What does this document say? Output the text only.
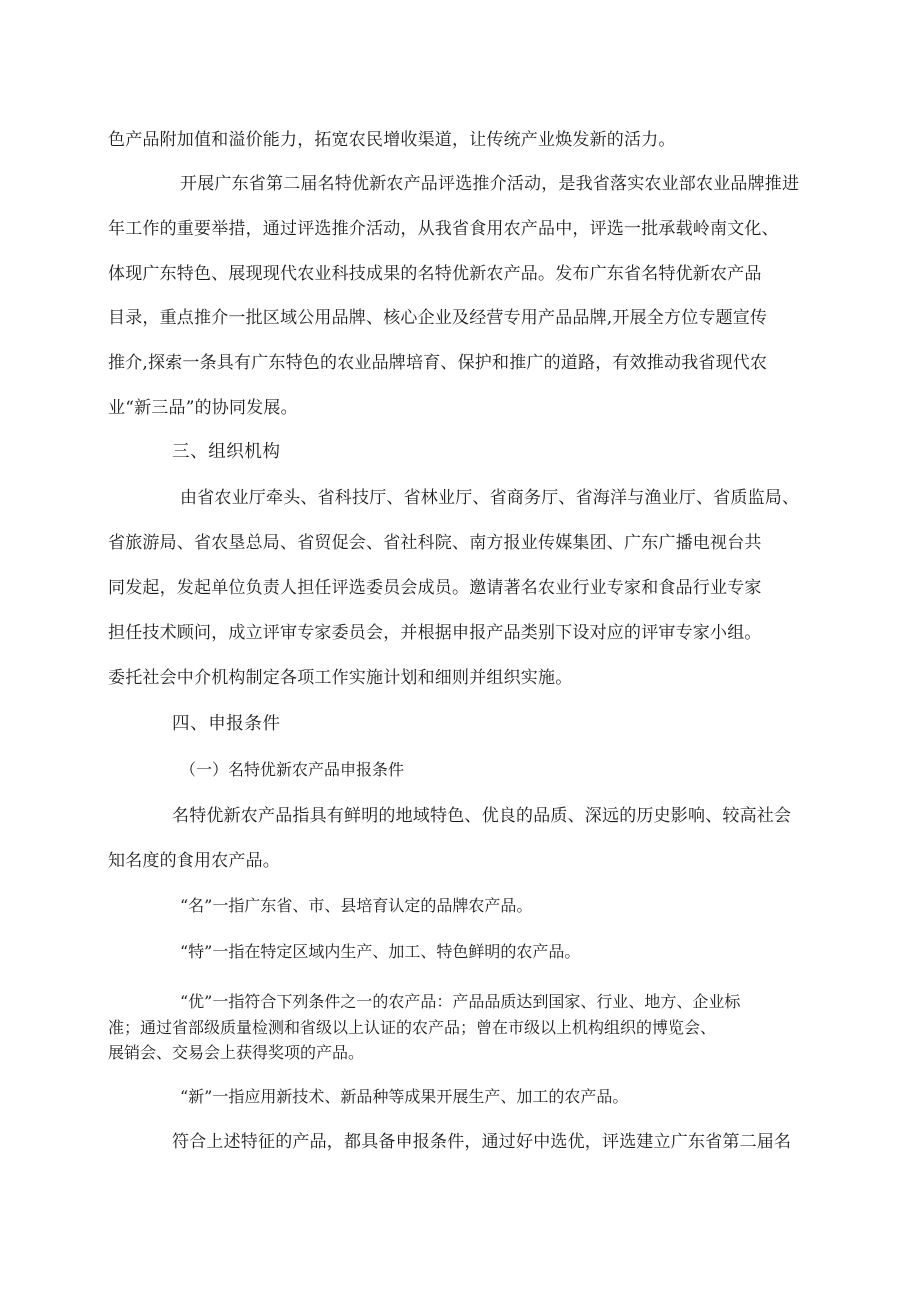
色产品附加值和溢价能力，拓宽农民增收渠道，让传统产业焕发新的活力。

开展广东省第二届名特优新农产品评选推介活动，是我省落实农业部农业品牌推进

年工作的重要举措，通过评选推介活动，从我省食用农产品中，评选一批承载岭南文化、

体现广东特色、展现现代农业科技成果的名特优新农产品。发布广东省名特优新农产品

目录，重点推介一批区域公用品牌、核心企业及经营专用产品品牌,开展全方位专题宣传

推介,探索一条具有广东特色的农业品牌培育、保护和推广的道路，有效推动我省现代农

业“新三品”的协同发展。

三、组织机构

由省农业厅牵头、省科技厅、省林业厅、省商务厅、省海洋与渔业厅、省质监局、

省旅游局、省农垦总局、省贸促会、省社科院、南方报业传媒集团、广东广播电视台共

同发起，发起单位负责人担任评选委员会成员。邀请著名农业行业专家和食品行业专家

担任技术顾问，成立评审专家委员会，并根据申报产品类别下设对应的评审专家小组。

委托社会中介机构制定各项工作实施计划和细则并组织实施。

四、申报条件

（一）名特优新农产品申报条件

名特优新农产品指具有鲜明的地域特色、优良的品质、深远的历史影响、较高社会

知名度的食用农产品。

“名”一指广东省、市、县培育认定的品牌农产品。

“特”一指在特定区域内生产、加工、特色鲜明的农产品。

“优”一指符合下列条件之一的农产品：产品品质达到国家、行业、地方、企业标

准；通过省部级质量检测和省级以上认证的农产品；曾在市级以上机构组织的博览会、

展销会、交易会上获得奖项的产品。

“新”一指应用新技术、新品种等成果开展生产、加工的农产品。

符合上述特征的产品，都具备申报条件，通过好中选优，评选建立广东省第二届名
